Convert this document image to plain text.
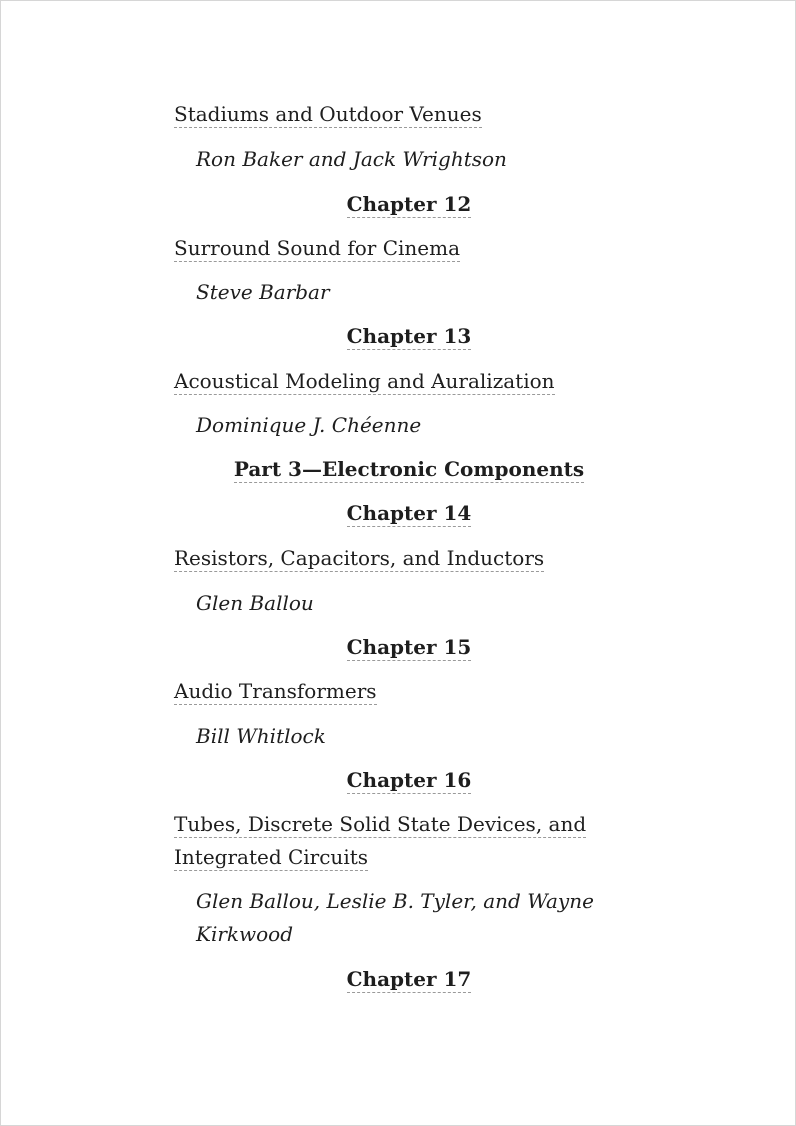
Stadiums and Outdoor Venues
Ron Baker and Jack Wrightson
Chapter 12
Surround Sound for Cinema
Steve Barbar
Chapter 13
Acoustical Modeling and Auralization
Dominique J. Chéenne
Part 3—Electronic Components
Chapter 14
Resistors, Capacitors, and Inductors
Glen Ballou
Chapter 15
Audio Transformers
Bill Whitlock
Chapter 16
Tubes, Discrete Solid State Devices, and
Integrated Circuits
Glen Ballou, Leslie B. Tyler, and Wayne
Kirkwood
Chapter 17
